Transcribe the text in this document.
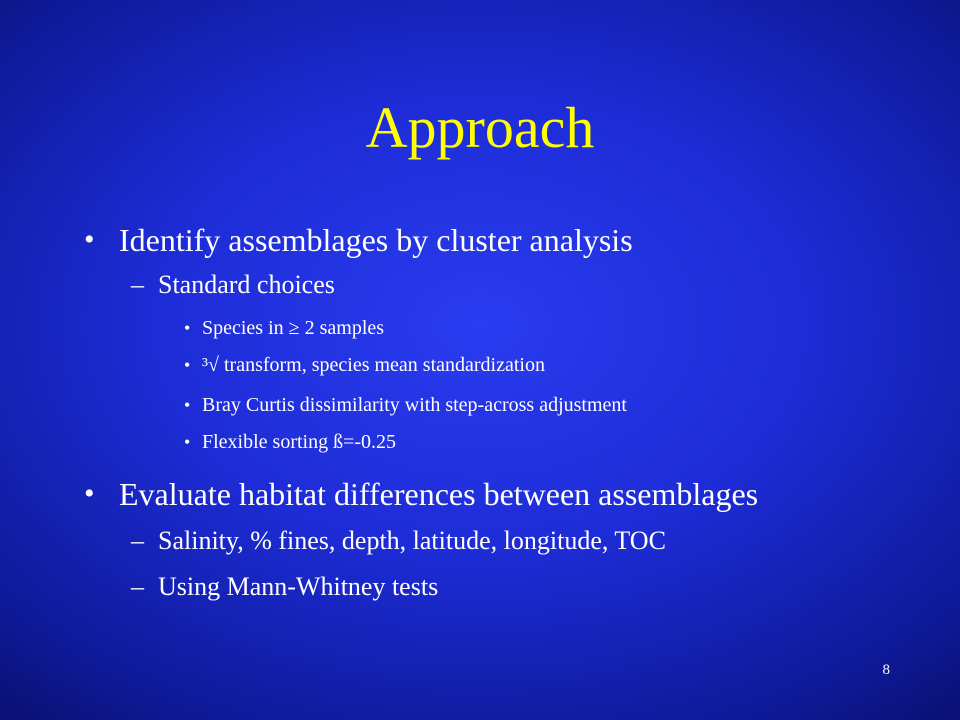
Approach
• Identify assemblages by cluster analysis
– Standard choices
• Species in ≥ 2 samples
• ³√ transform, species mean standardization
• Bray Curtis dissimilarity with step-across adjustment
• Flexible sorting ß=-0.25
• Evaluate habitat differences between assemblages
– Salinity, % fines, depth, latitude, longitude, TOC
– Using Mann-Whitney tests
8
